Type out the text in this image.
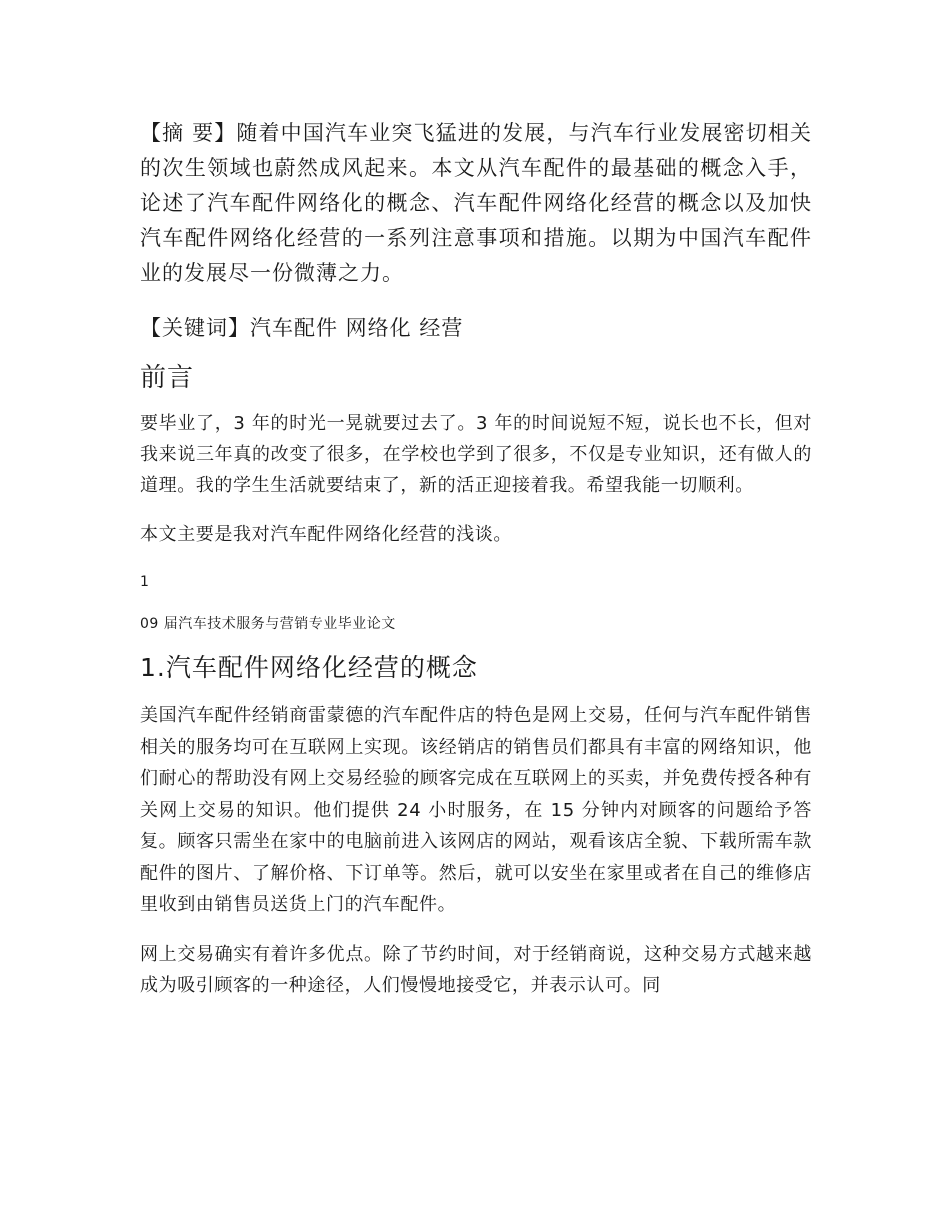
【摘 要】随着中国汽车业突飞猛进的发展，与汽车行业发展密切相关的次生领域也蔚然成风起来。本文从汽车配件的最基础的概念入手，论述了汽车配件网络化的概念、汽车配件网络化经营的概念以及加快汽车配件网络化经营的一系列注意事项和措施。以期为中国汽车配件业的发展尽一份微薄之力。

【关键词】汽车配件 网络化 经营

前言

要毕业了，3 年的时光一晃就要过去了。3 年的时间说短不短，说长也不长，但对我来说三年真的改变了很多，在学校也学到了很多，不仅是专业知识，还有做人的道理。我的学生生活就要结束了，新的活正迎接着我。希望我能一切顺利。

本文主要是我对汽车配件网络化经营的浅谈。

1
09 届汽车技术服务与营销专业毕业论文
1.汽车配件网络化经营的概念

美国汽车配件经销商雷蒙德的汽车配件店的特色是网上交易，任何与汽车配件销售相关的服务均可在互联网上实现。该经销店的销售员们都具有丰富的网络知识，他们耐心的帮助没有网上交易经验的顾客完成在互联网上的买卖，并免费传授各种有关网上交易的知识。他们提供 24 小时服务，在 15 分钟内对顾客的问题给予答复。顾客只需坐在家中的电脑前进入该网店的网站，观看该店全貌、下载所需车款配件的图片、了解价格、下订单等。然后，就可以安坐在家里或者在自己的维修店里收到由销售员送货上门的汽车配件。

网上交易确实有着许多优点。除了节约时间，对于经销商说，这种交易方式越来越成为吸引顾客的一种途径，人们慢慢地接受它，并表示认可。同
